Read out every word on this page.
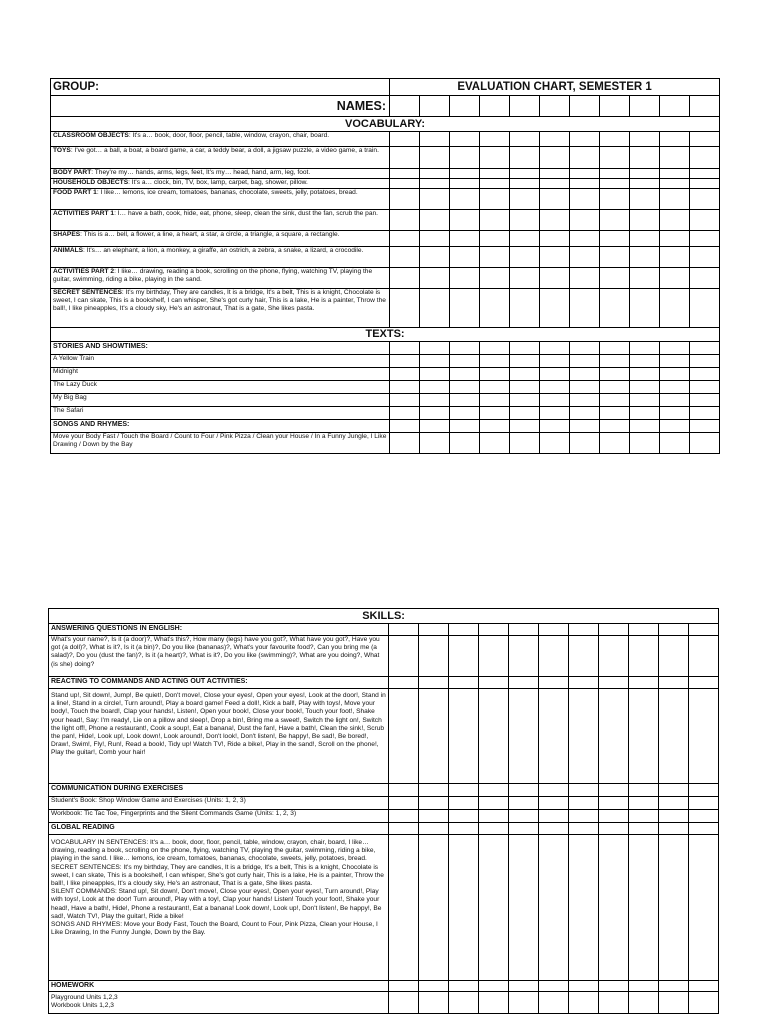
GROUP:	EVALUATION CHART, SEMESTER 1										
NAMES:											
VOCABULARY:											
CLASSROOM OBJECTS: It's a… book, door, floor, pencil, table, window, crayon, chair, board.											
TOYS: I've got… a ball, a boat, a board game, a car, a teddy bear, a doll, a jigsaw puzzle, a video game, a train.											
BODY PART: They're my… hands, arms, legs, feet, It's my… head, hand, arm, leg, foot.											
HOUSEHOLD OBJECTS: It's a… clock, bin, TV, box, lamp, carpet, bag, shower, pillow.											
FOOD PART 1: I like… lemons, ice cream, tomatoes, bananas, chocolate, sweets, jelly, potatoes, bread.											
ACTIVITIES PART 1: I… have a bath, cook, hide, eat, phone, sleep, clean the sink, dust the fan, scrub the pan.											
SHAPES: This is a… bell, a flower, a line, a heart, a star, a circle, a triangle, a square, a rectangle.											
ANIMALS: It's… an elephant, a lion, a monkey, a giraffe, an ostrich, a zebra, a snake, a lizard, a crocodile.											
ACTIVITIES PART 2: I like… drawing, reading a book, scrolling on the phone, flying, watching TV, playing the guitar, swimming, riding a bike, playing in the sand.											
SECRET SENTENCES: It's my birthday, They are candles, It is a bridge, It's a belt, This is a knight, Chocolate is sweet, I can skate, This is a bookshelf, I can whisper, She's got curly hair, This is a lake, He is a painter, Throw the ball!, I like pineapples, It's a cloudy sky, He's an astronaut, That is a gate, She likes pasta.											
TEXTS:											
STORIES AND SHOWTIMES:											
A Yellow Train											
Midnight											
The Lazy Duck											
My Big Bag											
The Safari											
SONGS AND RHYMES:											
Move your Body Fast / Touch the Board / Count to Four / Pink Pizza / Clean your House / In a Funny Jungle, I Like Drawing / Down by the Bay											
SKILLS:											
ANSWERING QUESTIONS IN ENGLISH:											
What's your name?, Is it (a door)?, What's this?, How many (legs) have you got?, What have you got?, Have you got (a doll)?, What is it?, Is it (a bin)?, Do you like (bananas)?, What's your favourite food?, Can you bring me (a salad)?, Do you (dust the fan)?, Is it (a heart)?, What is it?, Do you like (swimming)?, What are you doing?, What (is she) doing?											
REACTING TO COMMANDS AND ACTING OUT ACTIVITIES:											
Stand up!, Sit down!, Jump!, Be quiet!, Don't move!, Close your eyes!, Open your eyes!, Look at the door!, Stand in a line!, Stand in a circle!, Turn around!, Play a board game! Feed a doll!, Kick a ball!, Play with toys!, Move your body!, Touch the board!, Clap your hands!, Listen!, Open your book!, Close your book!, Touch your foot!, Shake your head!, Say: I'm ready!, Lie on a pillow and sleep!, Drop a bin!, Bring me a sweet!, Switch the light on!, Switch the light off!, Phone a restaurant!, Cook a soup!, Eat a banana!, Dust the fan!, Have a bath!, Clean the sink!, Scrub the pan!, Hide!, Look up!, Look down!, Look around!, Don't look!, Don't listen!, Be happy!, Be sad!, Be bored!, Draw!, Swim!, Fly!, Run!, Read a book!, Tidy up! Watch TV!, Ride a bike!, Play in the sand!, Scroll on the phone!, Play the guitar!, Comb your hair!											
COMMUNICATION DURING EXERCISES											
Student's Book: Shop Window Game and Exercises (Units: 1, 2, 3)											
Workbook: Tic Tac Toe, Fingerprints and the Silent Commands Game (Units: 1, 2, 3)											
GLOBAL READING											
VOCABULARY IN SENTENCES: It's a… book, door, floor, pencil, table, window, crayon, chair, board, I like… drawing, reading a book, scrolling on the phone, flying, watching TV, playing the guitar, swimming, riding a bike, playing in the sand. I like… lemons, ice cream, tomatoes, bananas, chocolate, sweets, jelly, potatoes, bread.
SECRET SENTENCES: It's my birthday, They are candles, It is a bridge, It's a belt, This is a knight, Chocolate is sweet, I can skate, This is a bookshelf, I can whisper, She's got curly hair, This is a lake, He is a painter, Throw the ball!, I like pineapples, It's a cloudy sky, He's an astronaut, That is a gate, She likes pasta.
SILENT COMMANDS: Stand up!, Sit down!, Don't move!, Close your eyes!, Open your eyes!, Turn around!, Play with toys!, Look at the door! Turn around!, Play with a toy!, Clap your hands! Listen! Touch your foot!, Shake your head!, Have a bath!, Hide!, Phone a restaurant!, Eat a banana! Look down!, Look up!, Don't listen!, Be happy!, Be sad!, Watch TV!, Play the guitar!, Ride a bike!
SONGS AND RHYMES: Move your Body Fast, Touch the Board, Count to Four, Pink Pizza, Clean your House, I Like Drawing, In the Funny Jungle, Down by the Bay.											
HOMEWORK											

Playground Units 1,2,3
Workbook Units 1,2,3											
